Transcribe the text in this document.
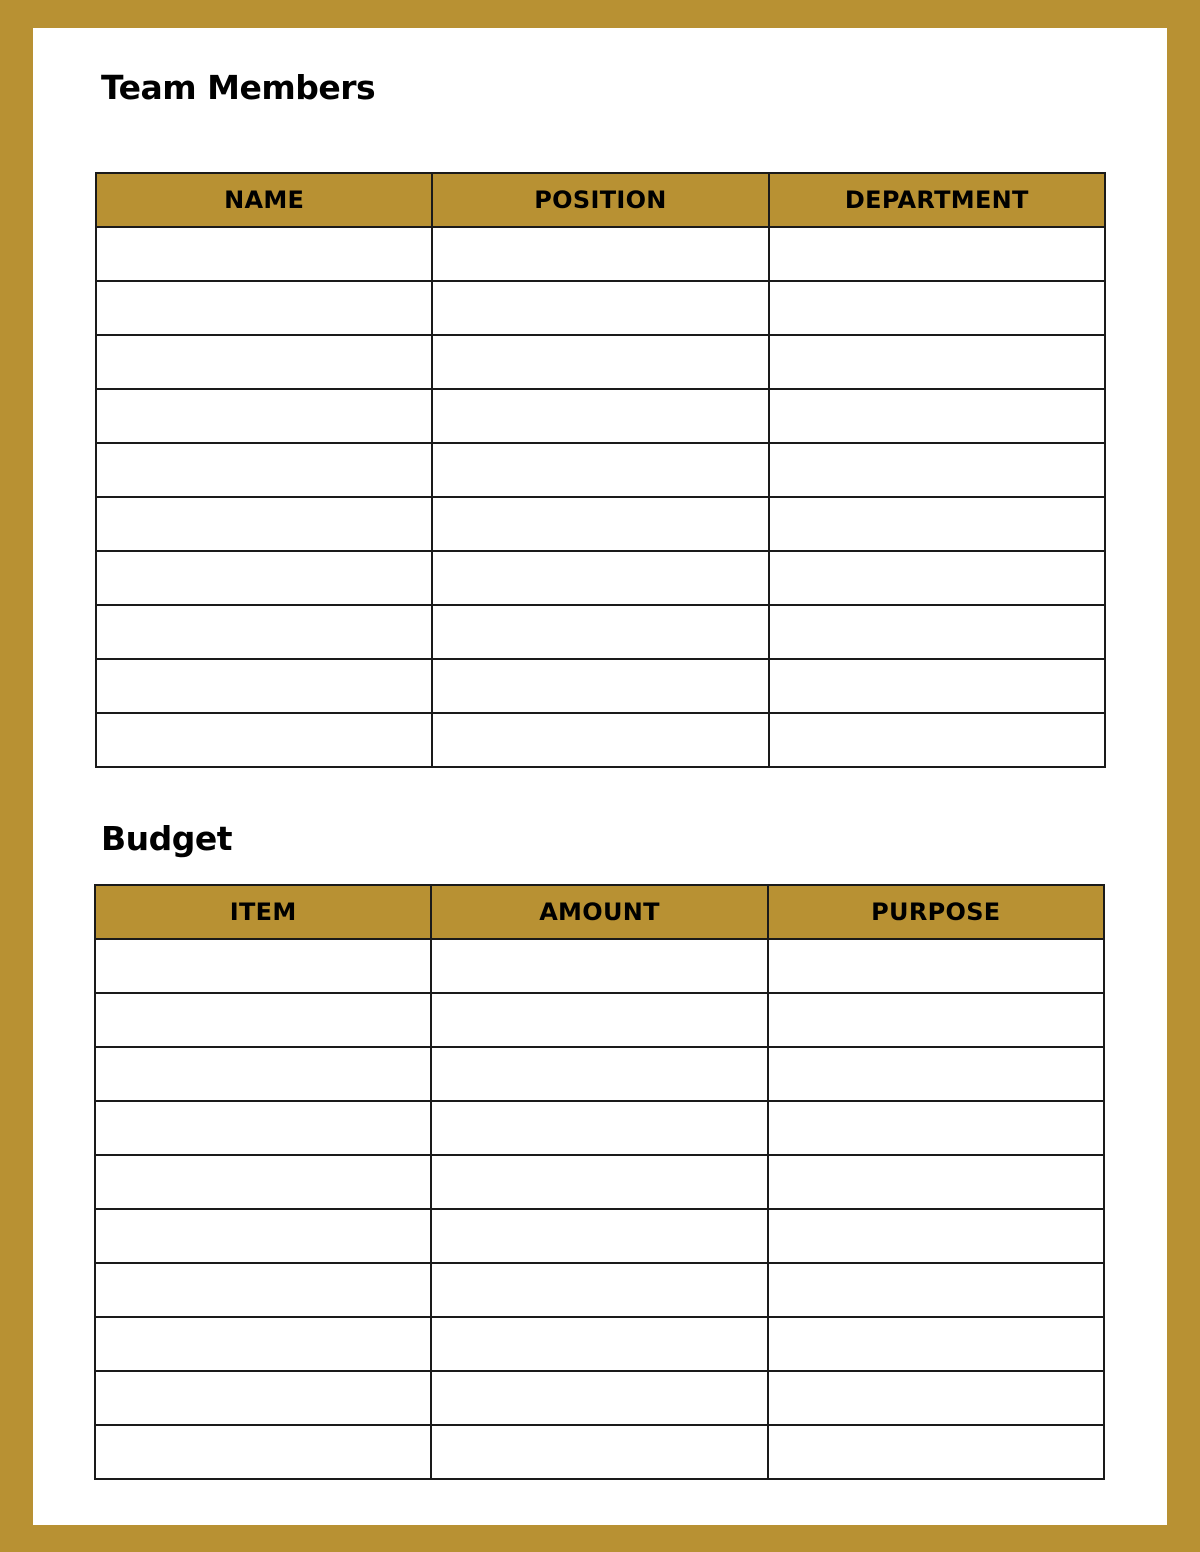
Team Members
NAME	POSITION	DEPARTMENT

Budget
ITEM	AMOUNT	PURPOSE
